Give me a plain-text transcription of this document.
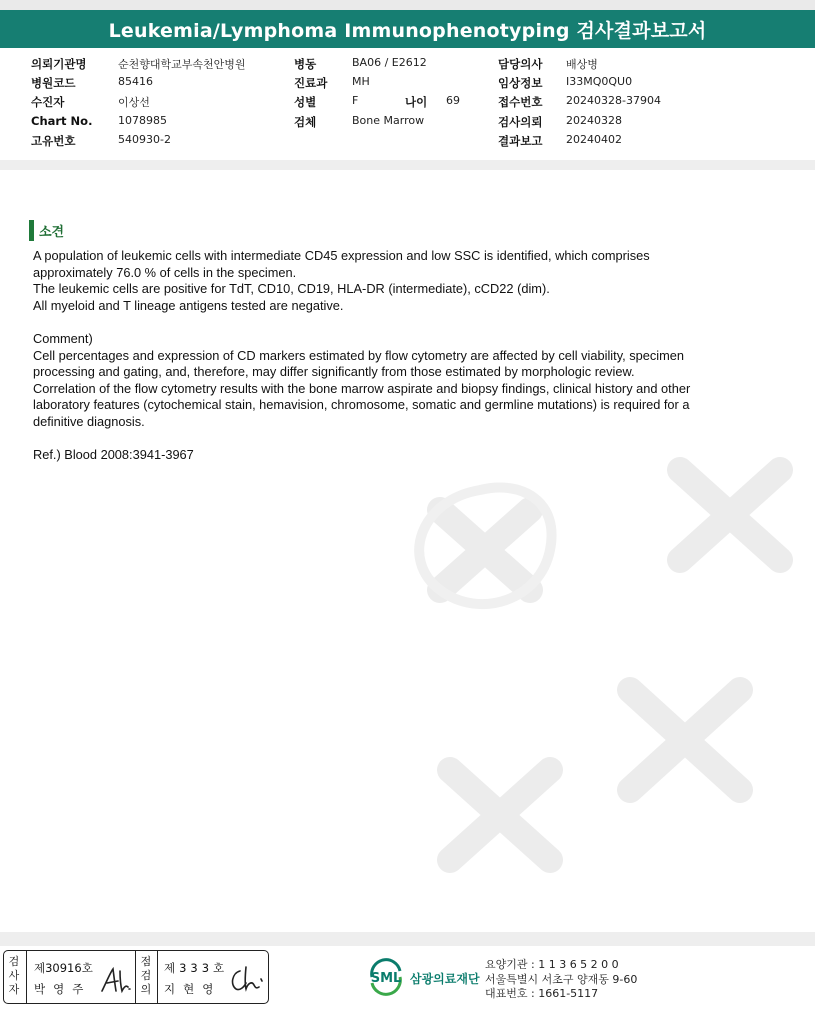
Leukemia/Lymphoma Immunophenotyping 검사결과보고서
의뢰기관명	순천향대학교부속천안병원	병동	BA06 / E2612	담당의사 배상병
병원코드	85416	진료과 MH	임상정보 I33MQ0QU0
수진자	이상선	성별	F	나이 69	접수번호 20240328-37904
Chart No. 1078985	검체	Bone Marrow	검사의뢰 20240328
고유번호	540930-2	결과보고 20240402
소견
A population of leukemic cells with intermediate CD45 expression and low SSC is identified, which comprises
approximately 76.0 % of cells in the specimen.
The leukemic cells are positive for TdT, CD10, CD19, HLA-DR (intermediate), cCD22 (dim).
All myeloid and T lineage antigens tested are negative.
Comment)
Cell percentages and expression of CD markers estimated by flow cytometry are affected by cell viability, specimen
processing and gating, and, therefore, may differ significantly from those estimated by morphologic review.
Correlation of the flow cytometry results with the bone marrow aspirate and biopsy findings, clinical history and other
laboratory features (cytochemical stain, hemavision, chromosome, somatic and germline mutations) is required for a
definitive diagnosis.
Ref.) Blood 2008:3941-3967
검사자
제30916호
박영주
점검의
제333호
지현영
SML 삼광의료재단
요양기관 : 1 1 3 6 5 2 0 0
서울특별시 서초구 양재동 9-60
대표번호 : 1661-5117
